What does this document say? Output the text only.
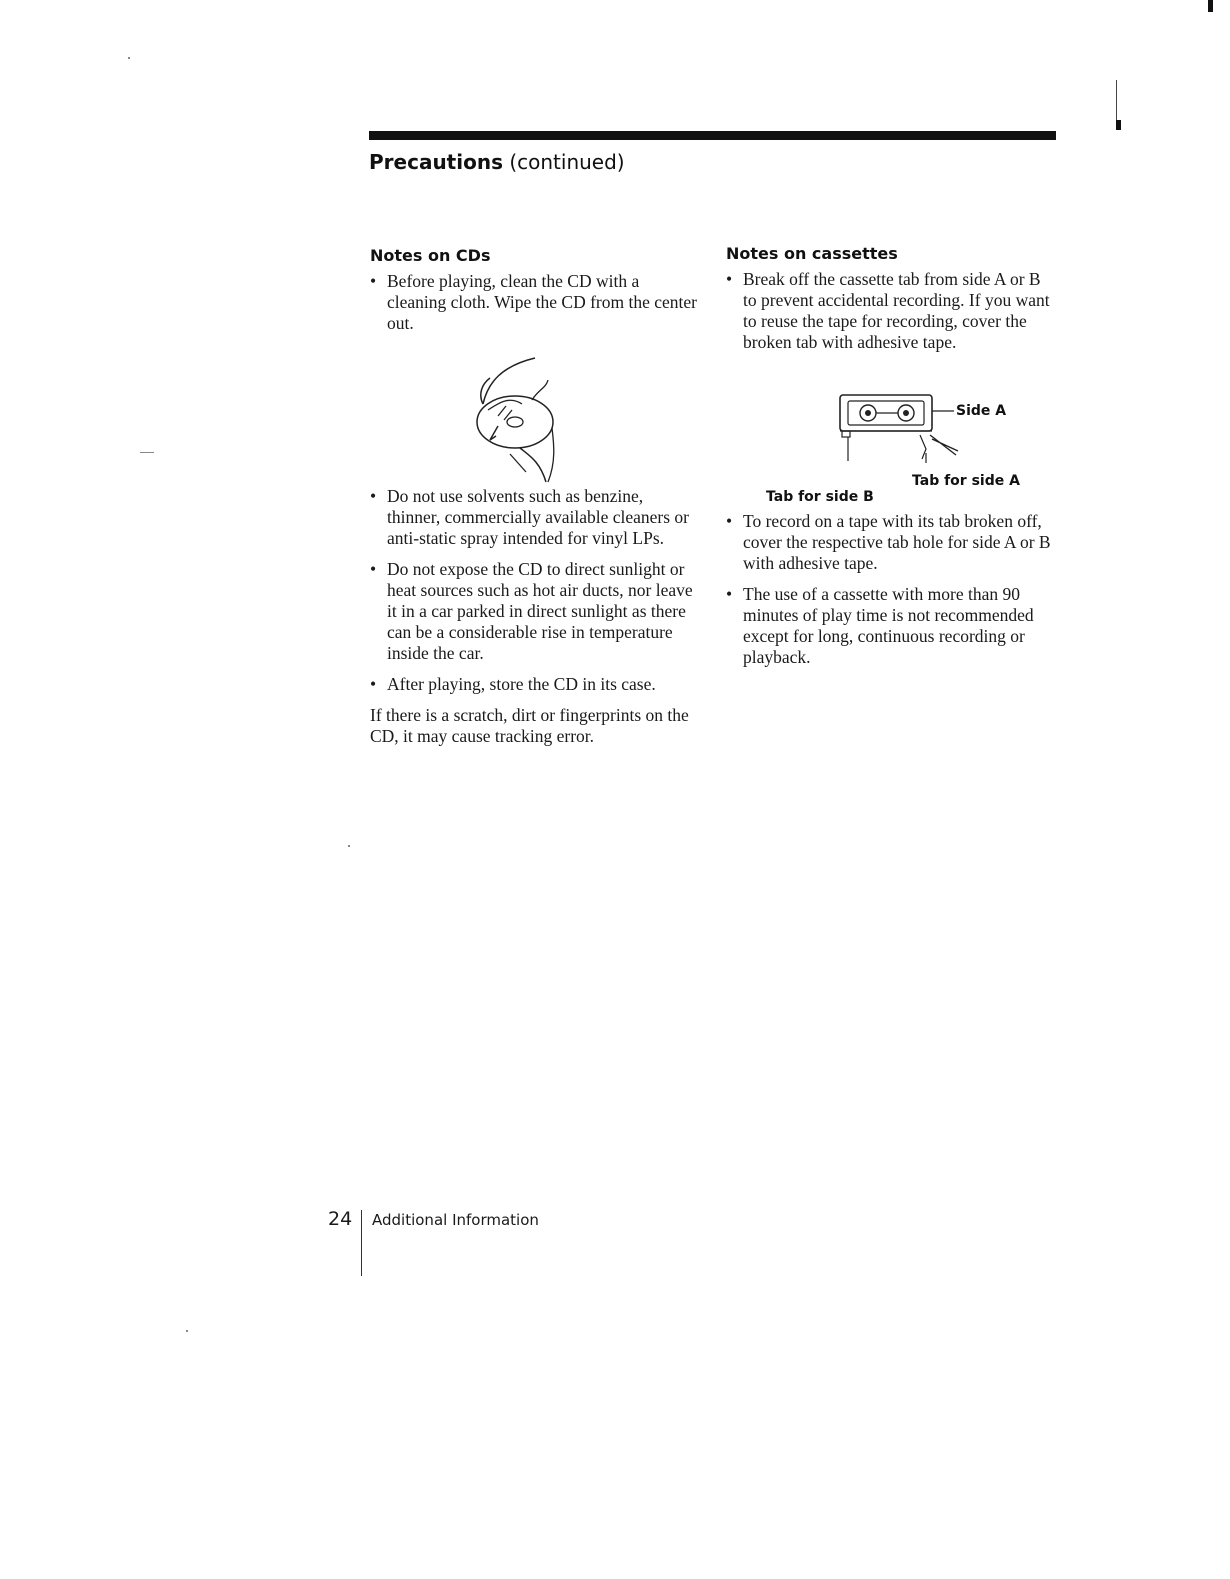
Precautions (continued)
Notes on CDs
• Before playing, clean the CD with a cleaning cloth. Wipe the CD from the center out.
• Do not use solvents such as benzine, thinner, commercially available cleaners or anti-static spray intended for vinyl LPs.
• Do not expose the CD to direct sunlight or heat sources such as hot air ducts, nor leave it in a car parked in direct sunlight as there can be a considerable rise in temperature inside the car.
• After playing, store the CD in its case.

If there is a scratch, dirt or fingerprints on the CD, it may cause tracking error.

Notes on cassettes
• Break off the cassette tab from side A or B to prevent accidental recording. If you want to reuse the tape for recording, cover the broken tab with adhesive tape.
Side A
Tab for side A
Tab for side B
• To record on a tape with its tab broken off, cover the respective tab hole for side A or B with adhesive tape.
• The use of a cassette with more than 90 minutes of play time is not recommended except for long, continuous recording or playback.
24 Additional Information
